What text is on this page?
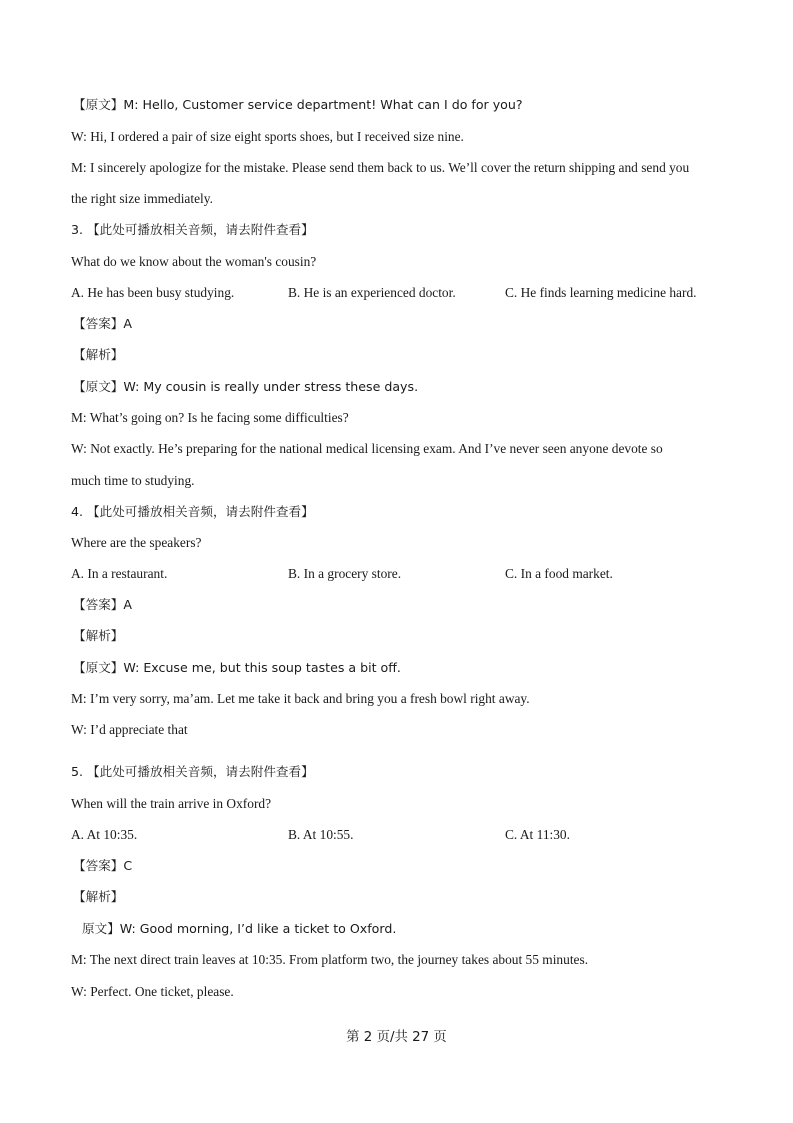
【原文】M: Hello, Customer service department! What can I do for you?
W: Hi, I ordered a pair of size eight sports shoes, but I received size nine.
M: I sincerely apologize for the mistake. Please send them back to us. We’ll cover the return shipping and send you
the right size immediately.
3. 【此处可播放相关音频，请去附件查看】
What do we know about the woman's cousin?
A. He has been busy studying.	B. He is an experienced doctor.	C. He finds learning medicine hard.
【答案】A
【解析】
【原文】W: My cousin is really under stress these days.
M: What’s going on? Is he facing some difficulties?
W: Not exactly. He’s preparing for the national medical licensing exam. And I’ve never seen anyone devote so
much time to studying.
4. 【此处可播放相关音频，请去附件查看】
Where are the speakers?
A. In a restaurant.	B. In a grocery store.	C. In a food market.
【答案】A
【解析】
【原文】W: Excuse me, but this soup tastes a bit off.
M: I’m very sorry, ma’am. Let me take it back and bring you a fresh bowl right away.
W: I’d appreciate that
5. 【此处可播放相关音频，请去附件查看】
When will the train arrive in Oxford?
A. At 10:35.	B. At 10:55.	C. At 11:30.
【答案】C
【解析】
原文】W: Good morning, I’d like a ticket to Oxford.
M: The next direct train leaves at 10:35. From platform two, the journey takes about 55 minutes.
W: Perfect. One ticket, please.
第 2 页/共 27 页
